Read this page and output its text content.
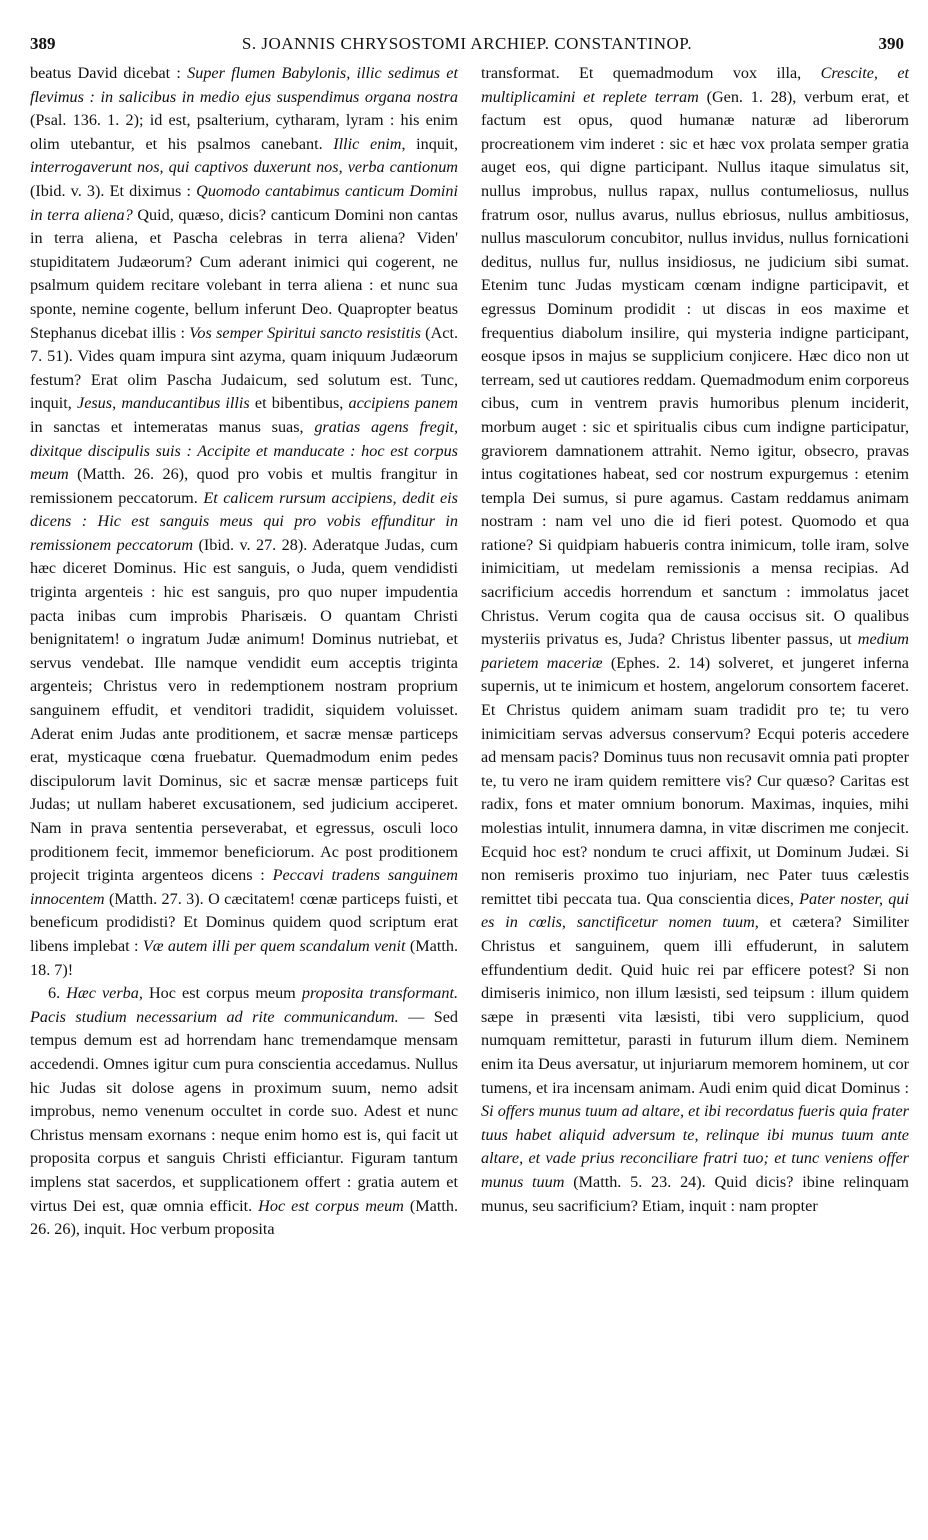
389	S. JOANNIS CHRYSOSTOMI ARCHIEP. CONSTANTINOP.	390

beatus David dicebat : Super flumen Babylonis, illic sedimus et flevimus : in salicibus in medio ejus suspendimus organa nostra (Psal. 136. 1. 2); id est, psalterium, cytharam, lyram : his enim olim utebantur, et his psalmos canebant. Illic enim, inquit, interrogaverunt nos, qui captivos duxerunt nos, verba cantionum (Ibid. v. 3). Et diximus : Quomodo cantabimus canticum Domini in terra aliena? Quid, quæso, dicis? canticum Domini non cantas in terra aliena, et Pascha celebras in terra aliena? Viden' stupiditatem Judæorum? Cum aderant inimici qui cogerent, ne psalmum quidem recitare volebant in terra aliena : et nunc sua sponte, nemine cogente, bellum inferunt Deo. Quapropter beatus Stephanus dicebat illis : Vos semper Spiritui sancto resistitis (Act. 7. 51). Vides quam impura sint azyma, quam iniquum Judæorum festum? Erat olim Pascha Judaicum, sed solutum est. Tunc, inquit, Jesus, manducantibus illis et bibentibus, accipiens panem in sanctas et intemeratas manus suas, gratias agens fregit, dixitque discipulis suis : Accipite et manducate : hoc est corpus meum (Matth. 26. 26), quod pro vobis et multis frangitur in remissionem peccatorum. Et calicem rursum accipiens, dedit eis dicens : Hic est sanguis meus qui pro vobis effunditur in remissionem peccatorum (Ibid. v. 27. 28). Aderatque Judas, cum hæc diceret Dominus. Hic est sanguis, o Juda, quem vendidisti triginta argenteis : hic est sanguis, pro quo nuper impudentia pacta inibas cum improbis Pharisæis. O quantam Christi benignitatem! o ingratum Judæ animum! Dominus nutriebat, et servus vendebat. Ille namque vendidit eum acceptis triginta argenteis; Christus vero in redemptionem nostram proprium sanguinem effudit, et venditori tradidit, siquidem voluisset. Aderat enim Judas ante proditionem, et sacræ mensæ particeps erat, mysticaque cœna fruebatur. Quemadmodum enim pedes discipulorum lavit Dominus, sic et sacræ mensæ particeps fuit Judas; ut nullam haberet excusationem, sed judicium acciperet. Nam in prava sententia perseverabat, et egressus, osculi loco proditionem fecit, immemor beneficiorum. Ac post proditionem projecit triginta argenteos dicens : Peccavi tradens sanguinem innocentem (Matth. 27. 3). O cæcitatem! cœnæ particeps fuisti, et beneficum prodidisti? Et Dominus quidem quod scriptum erat libens implebat : Væ autem illi per quem scandalum venit (Matth. 18. 7)!

6. Hæc verba, Hoc est corpus meum proposita transformant. Pacis studium necessarium ad rite communicandum. — Sed tempus demum est ad horrendam hanc tremendamque mensam accedendi. Omnes igitur cum pura conscientia accedamus. Nullus hic Judas sit dolose agens in proximum suum, nemo adsit improbus, nemo venenum occultet in corde suo. Adest et nunc Christus mensam exornans : neque enim homo est is, qui facit ut proposita corpus et sanguis Christi efficiantur. Figuram tantum implens stat sacerdos, et supplicationem offert : gratia autem et virtus Dei est, quæ omnia efficit. Hoc est corpus meum (Matth. 26. 26), inquit. Hoc verbum proposita

transformat. Et quemadmodum vox illa, Crescite, et multiplicamini et replete terram (Gen. 1. 28), verbum erat, et factum est opus, quod humanæ naturæ ad liberorum procreationem vim inderet : sic et hæc vox prolata semper gratia auget eos, qui digne participant. Nullus itaque simulatus sit, nullus improbus, nullus rapax, nullus contumeliosus, nullus fratrum osor, nullus avarus, nullus ebriosus, nullus ambitiosus, nullus masculorum concubitor, nullus invidus, nullus fornicationi deditus, nullus fur, nullus insidiosus, ne judicium sibi sumat. Etenim tunc Judas mysticam cœnam indigne participavit, et egressus Dominum prodidit : ut discas in eos maxime et frequentius diabolum insilire, qui mysteria indigne participant, eosque ipsos in majus se supplicium conjicere. Hæc dico non ut terream, sed ut cautiores reddam. Quemadmodum enim corporeus cibus, cum in ventrem pravis humoribus plenum inciderit, morbum auget : sic et spiritualis cibus cum indigne participatur, graviorem damnationem attrahit. Nemo igitur, obsecro, pravas intus cogitationes habeat, sed cor nostrum expurgemus : etenim templa Dei sumus, si pure agamus. Castam reddamus animam nostram : nam vel uno die id fieri potest. Quomodo et qua ratione? Si quidpiam habueris contra inimicum, tolle iram, solve inimicitiam, ut medelam remissionis a mensa recipias. Ad sacrificium accedis horrendum et sanctum : immolatus jacet Christus. Verum cogita qua de causa occisus sit. O qualibus mysteriis privatus es, Juda? Christus libenter passus, ut medium parietem maceriæ (Ephes. 2. 14) solveret, et jungeret inferna supernis, ut te inimicum et hostem, angelorum consortem faceret. Et Christus quidem animam suam tradidit pro te; tu vero inimicitiam servas adversus conservum? Ecqui poteris accedere ad mensam pacis? Dominus tuus non recusavit omnia pati propter te, tu vero ne iram quidem remittere vis? Cur quæso? Caritas est radix, fons et mater omnium bonorum. Maximas, inquies, mihi molestias intulit, innumera damna, in vitæ discrimen me conjecit. Ecquid hoc est? nondum te cruci affixit, ut Dominum Judæi. Si non remiseris proximo tuo injuriam, nec Pater tuus cælestis remittet tibi peccata tua. Qua conscientia dices, Pater noster, qui es in cœlis, sanctificetur nomen tuum, et cætera? Similiter Christus et sanguinem, quem illi effuderunt, in salutem effundentium dedit. Quid huic rei par efficere potest? Si non dimiseris inimico, non illum læsisti, sed teipsum : illum quidem sæpe in præsenti vita læsisti, tibi vero supplicium, quod numquam remittetur, parasti in futurum illum diem. Neminem enim ita Deus aversatur, ut injuriarum memorem hominem, ut cor tumens, et ira incensam animam. Audi enim quid dicat Dominus : Si offers munus tuum ad altare, et ibi recordatus fueris quia frater tuus habet aliquid adversum te, relinque ibi munus tuum ante altare, et vade prius reconciliare fratri tuo; et tunc veniens offer munus tuum (Matth. 5. 23. 24). Quid dicis? ibine relinquam munus, seu sacrificium? Etiam, inquit : nam propter
